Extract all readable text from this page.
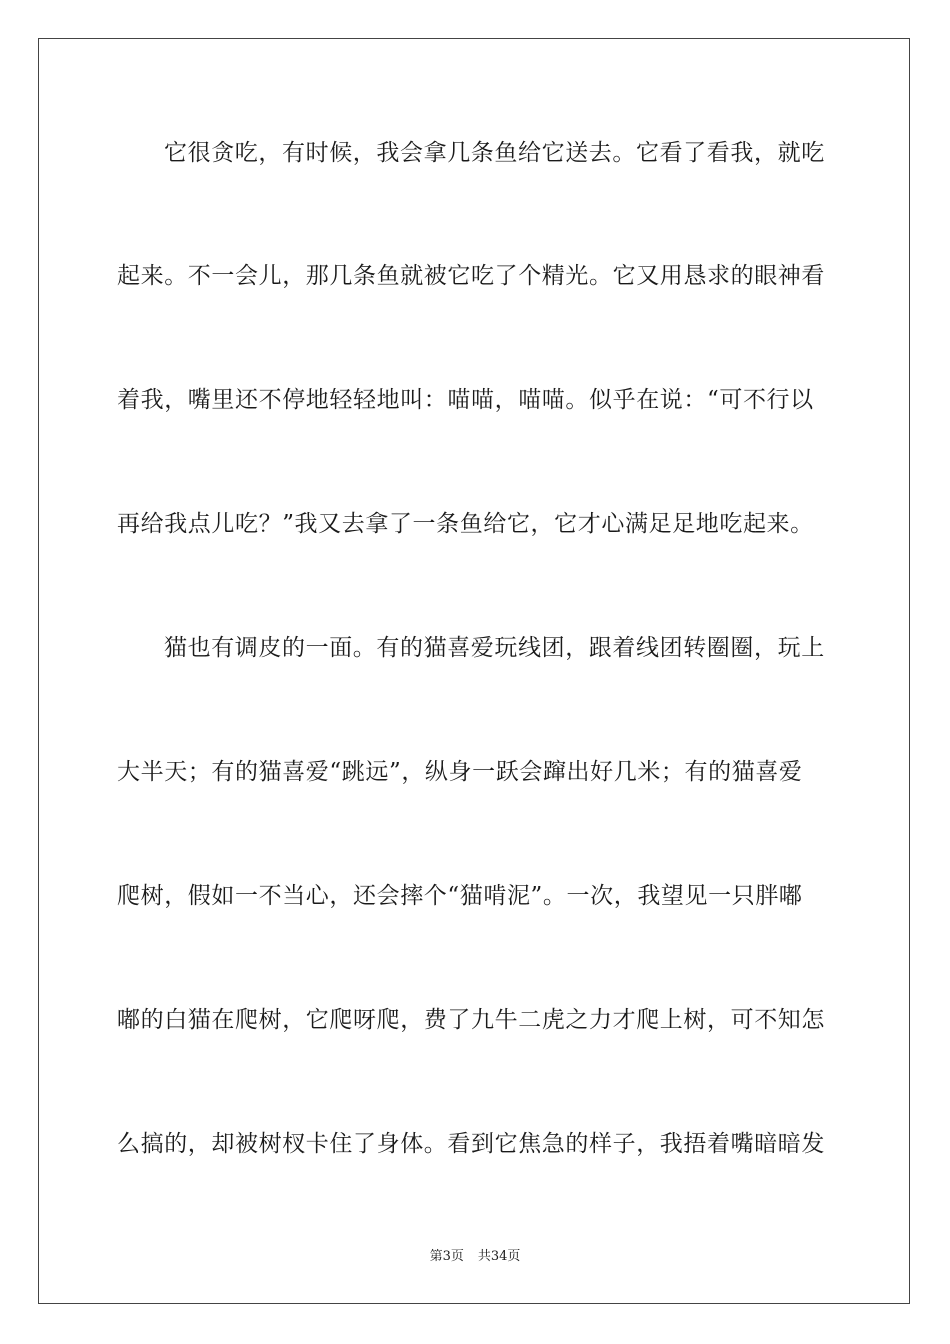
它很贪吃，有时候，我会拿几条鱼给它送去。它看了看我，就吃
起来。不一会儿，那几条鱼就被它吃了个精光。它又用恳求的眼神看
着我，嘴里还不停地轻轻地叫：喵喵，喵喵。似乎在说：“可不行以
再给我点儿吃？”我又去拿了一条鱼给它，它才心满足足地吃起来。
猫也有调皮的一面。有的猫喜爱玩线团，跟着线团转圈圈，玩上
大半天；有的猫喜爱“跳远”，纵身一跃会蹿出好几米；有的猫喜爱
爬树，假如一不当心，还会摔个“猫啃泥”。一次，我望见一只胖嘟
嘟的白猫在爬树，它爬呀爬，费了九牛二虎之力才爬上树，可不知怎
么搞的，却被树杈卡住了身体。看到它焦急的样子，我捂着嘴暗暗发
第3页 共34页
